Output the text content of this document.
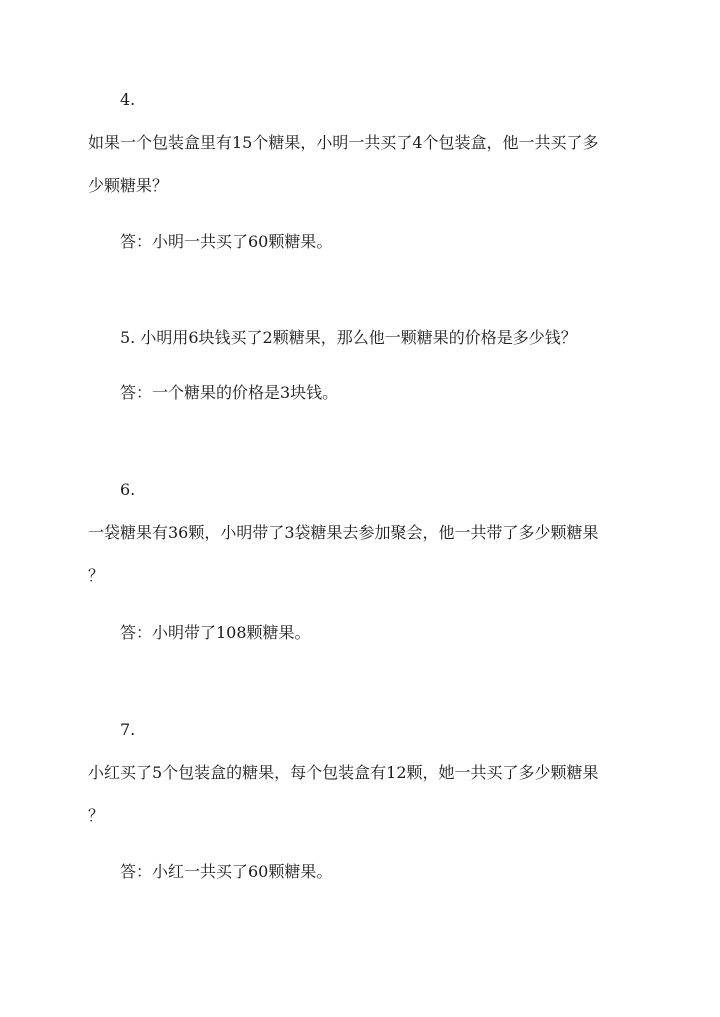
4.
如果一个包装盒里有15个糖果，小明一共买了4个包装盒，他一共买了多
少颗糖果？
答：小明一共买了60颗糖果。
5. 小明用6块钱买了2颗糖果，那么他一颗糖果的价格是多少钱？
答：一个糖果的价格是3块钱。
6.
一袋糖果有36颗，小明带了3袋糖果去参加聚会，他一共带了多少颗糖果
？
答：小明带了108颗糖果。
7.
小红买了5个包装盒的糖果，每个包装盒有12颗，她一共买了多少颗糖果
？
答：小红一共买了60颗糖果。
